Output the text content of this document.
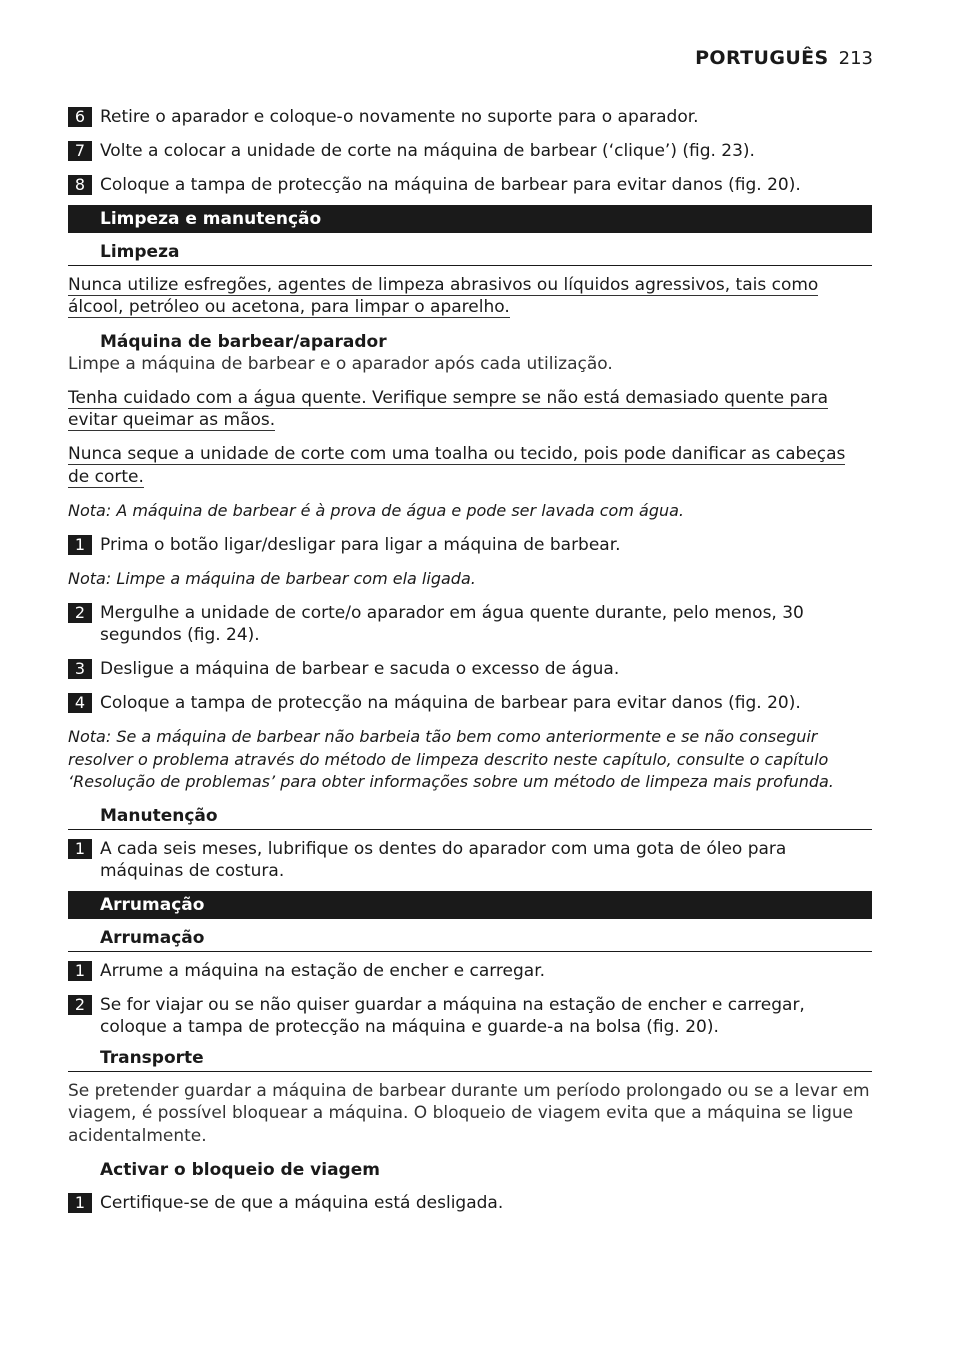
PORTUGUÊS 213
6 Retire o aparador e coloque-o novamente no suporte para o aparador.
7 Volte a colocar a unidade de corte na máquina de barbear (‘clique’) (fig. 23).
8 Coloque a tampa de protecção na máquina de barbear para evitar danos (fig. 20).
Limpeza e manutenção
Limpeza
Nunca utilize esfregões, agentes de limpeza abrasivos ou líquidos agressivos, tais como álcool, petróleo ou acetona, para limpar o aparelho.
Máquina de barbear/aparador
Limpe a máquina de barbear e o aparador após cada utilização.
Tenha cuidado com a água quente. Verifique sempre se não está demasiado quente para evitar queimar as mãos.
Nunca seque a unidade de corte com uma toalha ou tecido, pois pode danificar as cabeças de corte.
Nota: A máquina de barbear é à prova de água e pode ser lavada com água.
1 Prima o botão ligar/desligar para ligar a máquina de barbear.
Nota: Limpe a máquina de barbear com ela ligada.
2 Mergulhe a unidade de corte/o aparador em água quente durante, pelo menos, 30 segundos (fig. 24).
3 Desligue a máquina de barbear e sacuda o excesso de água.
4 Coloque a tampa de protecção na máquina de barbear para evitar danos (fig. 20).
Nota: Se a máquina de barbear não barbeia tão bem como anteriormente e se não conseguir resolver o problema através do método de limpeza descrito neste capítulo, consulte o capítulo ‘Resolução de problemas’ para obter informações sobre um método de limpeza mais profunda.
Manutenção
1 A cada seis meses, lubrifique os dentes do aparador com uma gota de óleo para máquinas de costura.
Arrumação
Arrumação
1 Arrume a máquina na estação de encher e carregar.
2 Se for viajar ou se não quiser guardar a máquina na estação de encher e carregar, coloque a tampa de protecção na máquina e guarde-a na bolsa (fig. 20).
Transporte
Se pretender guardar a máquina de barbear durante um período prolongado ou se a levar em viagem, é possível bloquear a máquina. O bloqueio de viagem evita que a máquina se ligue acidentalmente.
Activar o bloqueio de viagem
1 Certifique-se de que a máquina está desligada.
